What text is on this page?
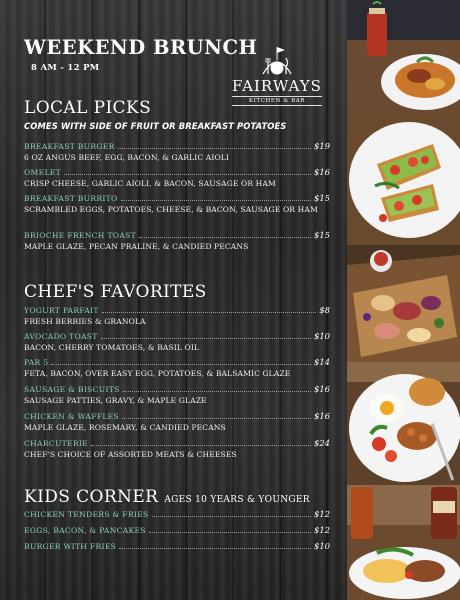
WEEKEND BRUNCH
8 AM - 12 PM
FAIRWAYS
KITCHEN & BAR
LOCAL PICKS
COMES WITH SIDE OF FRUIT OR BREAKFAST POTATOES
BREAKFAST BURGER	$19
6 OZ ANGUS BEEF, EGG, BACON, & GARLIC AIOLI
OMELET	$16
CRISP CHEESE, GARLIC AIOLI, & BACON, SAUSAGE OR HAM
BREAKFAST BURRITO	$15
SCRAMBLED EGGS, POTATOES, CHEESE, & BACON, SAUSAGE OR HAM
BRIOCHE FRENCH TOAST	$15
MAPLE GLAZE, PECAN PRALINE, & CANDIED PECANS
CHEF'S FAVORITES
YOGURT PARFAIT	$8
FRESH BERRIES & GRANOLA
AVOCADO TOAST	$10
BACON, CHERRY TOMATOES, & BASIL OIL
PAR 5	$14
FETA, BACON, OVER EASY EGG, POTATOES, & BALSAMIC GLAZE
SAUSAGE & BISCUITS	$16
SAUSAGE PATTIES, GRAVY, & MAPLE GLAZE
CHICKEN & WAFFLES	$16
MAPLE GLAZE, ROSEMARY, & CANDIED PECANS
CHARCUTERIE	$24
CHEF'S CHOICE OF ASSORTED MEATS & CHEESES
KIDS CORNER AGES 10 YEARS & YOUNGER
CHICKEN TENDERS & FRIES	$12
EGGS, BACON, & PANCAKES	$12
BURGER WITH FRIES	$10
